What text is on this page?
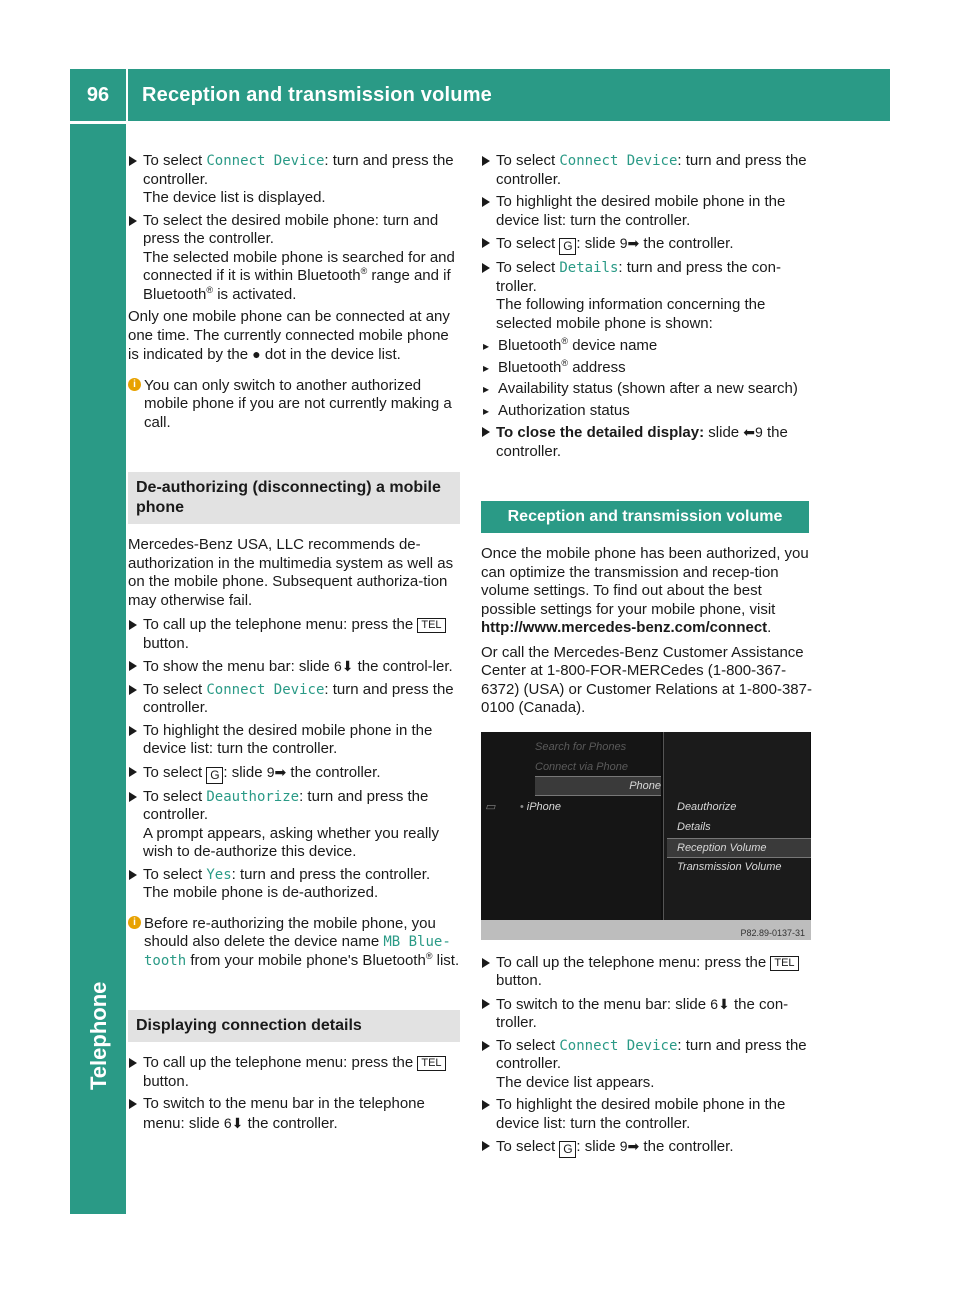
96	Reception and transmission volume
Telephone
To select Connect Device: turn and press the controller.
The device list is displayed.
To select the desired mobile phone: turn and press the controller.
The selected mobile phone is searched for and connected if it is within Bluetooth® range and if Bluetooth® is activated.
Only one mobile phone can be connected at any one time. The currently connected mobile phone is indicated by the ● dot in the device list.
i You can only switch to another authorized mobile phone if you are not currently making a call.
De-authorizing (disconnecting) a mobile phone
Mercedes-Benz USA, LLC recommends de-authorization in the multimedia system as well as on the mobile phone. Subsequent authoriza-tion may otherwise fail.
To call up the telephone menu: press the TEL button.
To show the menu bar: slide 6⬇ the control-ler.
To select Connect Device: turn and press the controller.
To highlight the desired mobile phone in the device list: turn the controller.
To select G : slide 9➡ the controller.
To select Deauthorize: turn and press the controller.
A prompt appears, asking whether you really wish to de-authorize this device.
To select Yes: turn and press the controller.
The mobile phone is de-authorized.
i Before re-authorizing the mobile phone, you should also delete the device name MB Blue‐tooth from your mobile phone's Bluetooth® list.
Displaying connection details
To call up the telephone menu: press the TEL button.
To switch to the menu bar in the telephone menu: slide 6⬇ the controller.
To select Connect Device: turn and press the controller.
To highlight the desired mobile phone in the device list: turn the controller.
To select G : slide 9➡ the controller.
To select Details: turn and press the con-troller.
The following information concerning the selected mobile phone is shown:
▸ Bluetooth® device name
▸ Bluetooth® address
▸ Availability status (shown after a new search)
▸ Authorization status
To close the detailed display: slide ⬅9 the controller.
Reception and transmission volume
Once the mobile phone has been authorized, you can optimize the transmission and recep-tion volume settings. To find out about the best possible settings for your mobile phone, visit http://www.mercedes-benz.com/connect.
Or call the Mercedes-Benz Customer Assistance Center at 1-800-FOR-MERCedes (1-800-367-6372) (USA) or Customer Relations at 1-800-387-0100 (Canada).
Search for Phones
Connect via Phone
Phone
▭ • iPhone	Deauthorize
Details
Reception Volume
Transmission Volume
P82.89-0137-31
To call up the telephone menu: press the TEL button.
To switch to the menu bar: slide 6⬇ the con-troller.
To select Connect Device: turn and press the controller.
The device list appears.
To highlight the desired mobile phone in the device list: turn the controller.
To select G : slide 9➡ the controller.
